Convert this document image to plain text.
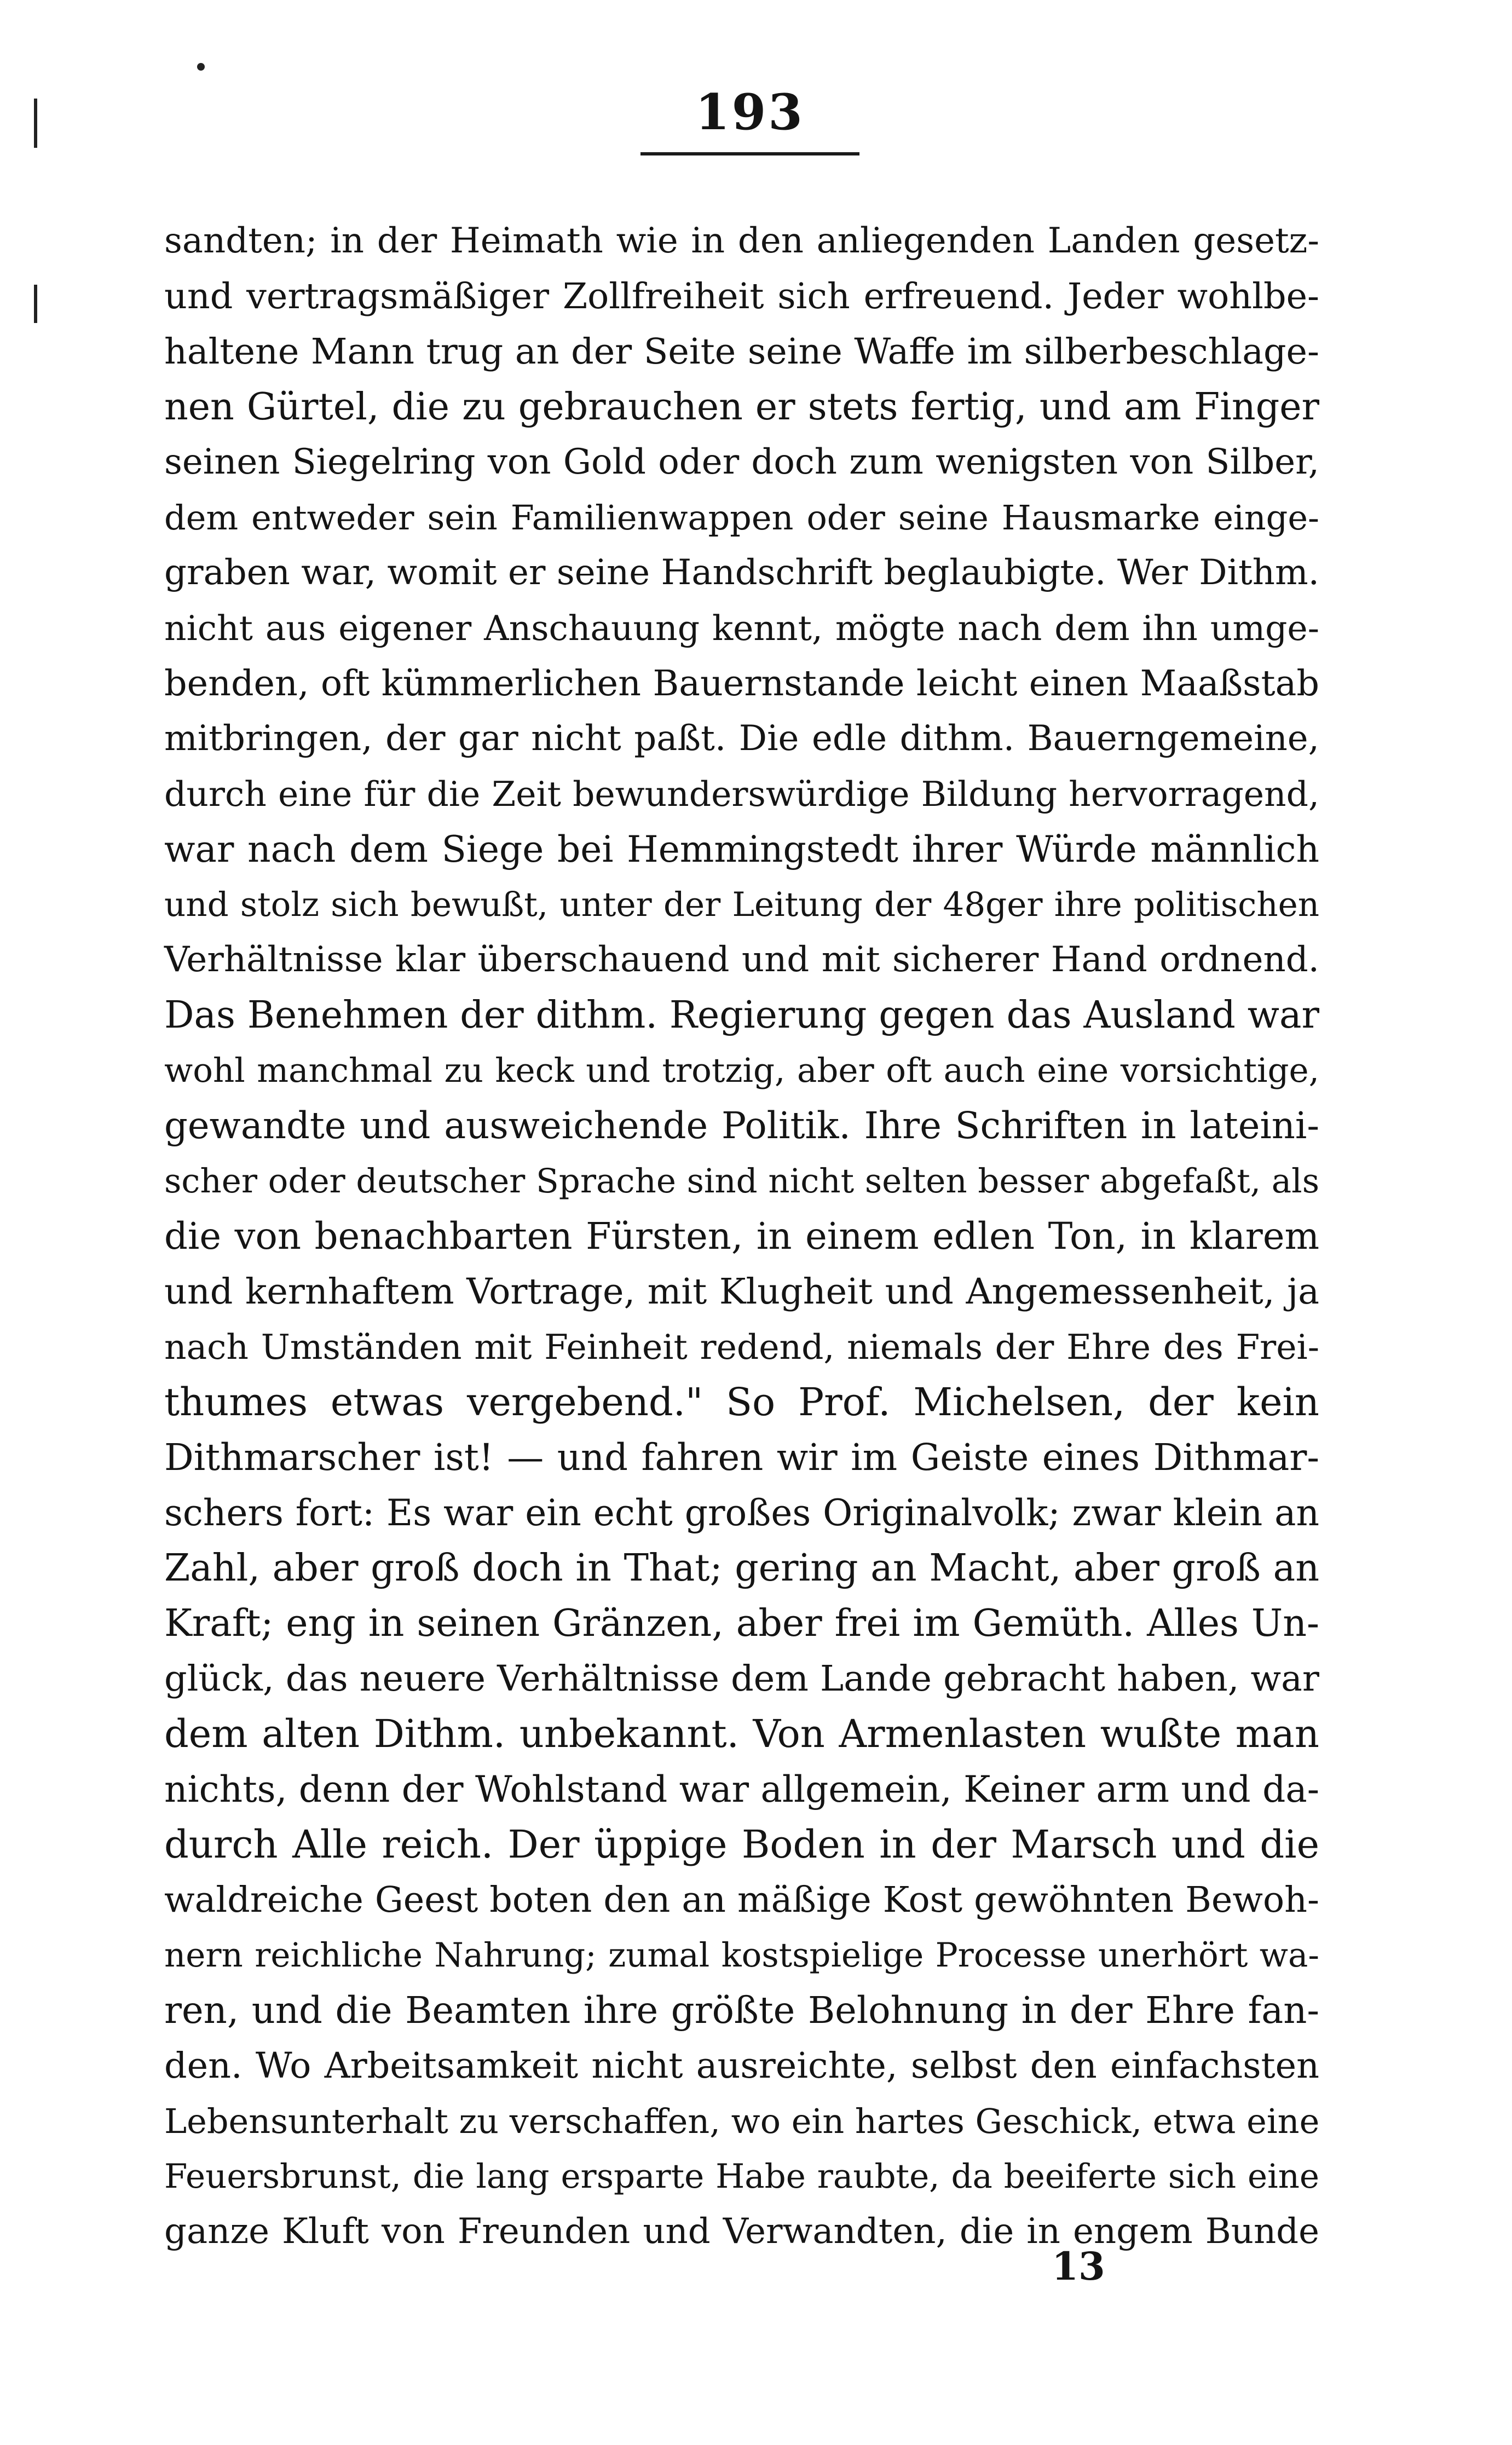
193
sandten; in der Heimath wie in den anliegenden Landen gesetz-
und vertragsmäßiger Zollfreiheit sich erfreuend. Jeder wohlbe-
haltene Mann trug an der Seite seine Waffe im silberbeschlage-
nen Gürtel, die zu gebrauchen er stets fertig, und am Finger
seinen Siegelring von Gold oder doch zum wenigsten von Silber,
dem entweder sein Familienwappen oder seine Hausmarke einge-
graben war, womit er seine Handschrift beglaubigte. Wer Dithm.
nicht aus eigener Anschauung kennt, mögte nach dem ihn umge-
benden, oft kümmerlichen Bauernstande leicht einen Maaßstab
mitbringen, der gar nicht paßt. Die edle dithm. Bauerngemeine,
durch eine für die Zeit bewunderswürdige Bildung hervorragend,
war nach dem Siege bei Hemmingstedt ihrer Würde männlich
und stolz sich bewußt, unter der Leitung der 48ger ihre politischen
Verhältnisse klar überschauend und mit sicherer Hand ordnend.
Das Benehmen der dithm. Regierung gegen das Ausland war
wohl manchmal zu keck und trotzig, aber oft auch eine vorsichtige,
gewandte und ausweichende Politik. Ihre Schriften in lateini-
scher oder deutscher Sprache sind nicht selten besser abgefaßt, als
die von benachbarten Fürsten, in einem edlen Ton, in klarem
und kernhaftem Vortrage, mit Klugheit und Angemessenheit, ja
nach Umständen mit Feinheit redend, niemals der Ehre des Frei-
thumes etwas vergebend." So Prof. Michelsen, der kein
Dithmarscher ist! — und fahren wir im Geiste eines Dithmar-
schers fort: Es war ein echt großes Originalvolk; zwar klein an
Zahl, aber groß doch in That; gering an Macht, aber groß an
Kraft; eng in seinen Gränzen, aber frei im Gemüth. Alles Un-
glück, das neuere Verhältnisse dem Lande gebracht haben, war
dem alten Dithm. unbekannt. Von Armenlasten wußte man
nichts, denn der Wohlstand war allgemein, Keiner arm und da-
durch Alle reich. Der üppige Boden in der Marsch und die
waldreiche Geest boten den an mäßige Kost gewöhnten Bewoh-
nern reichliche Nahrung; zumal kostspielige Processe unerhört wa-
ren, und die Beamten ihre größte Belohnung in der Ehre fan-
den. Wo Arbeitsamkeit nicht ausreichte, selbst den einfachsten
Lebensunterhalt zu verschaffen, wo ein hartes Geschick, etwa eine
Feuersbrunst, die lang ersparte Habe raubte, da beeiferte sich eine
ganze Kluft von Freunden und Verwandten, die in engem Bunde
13
